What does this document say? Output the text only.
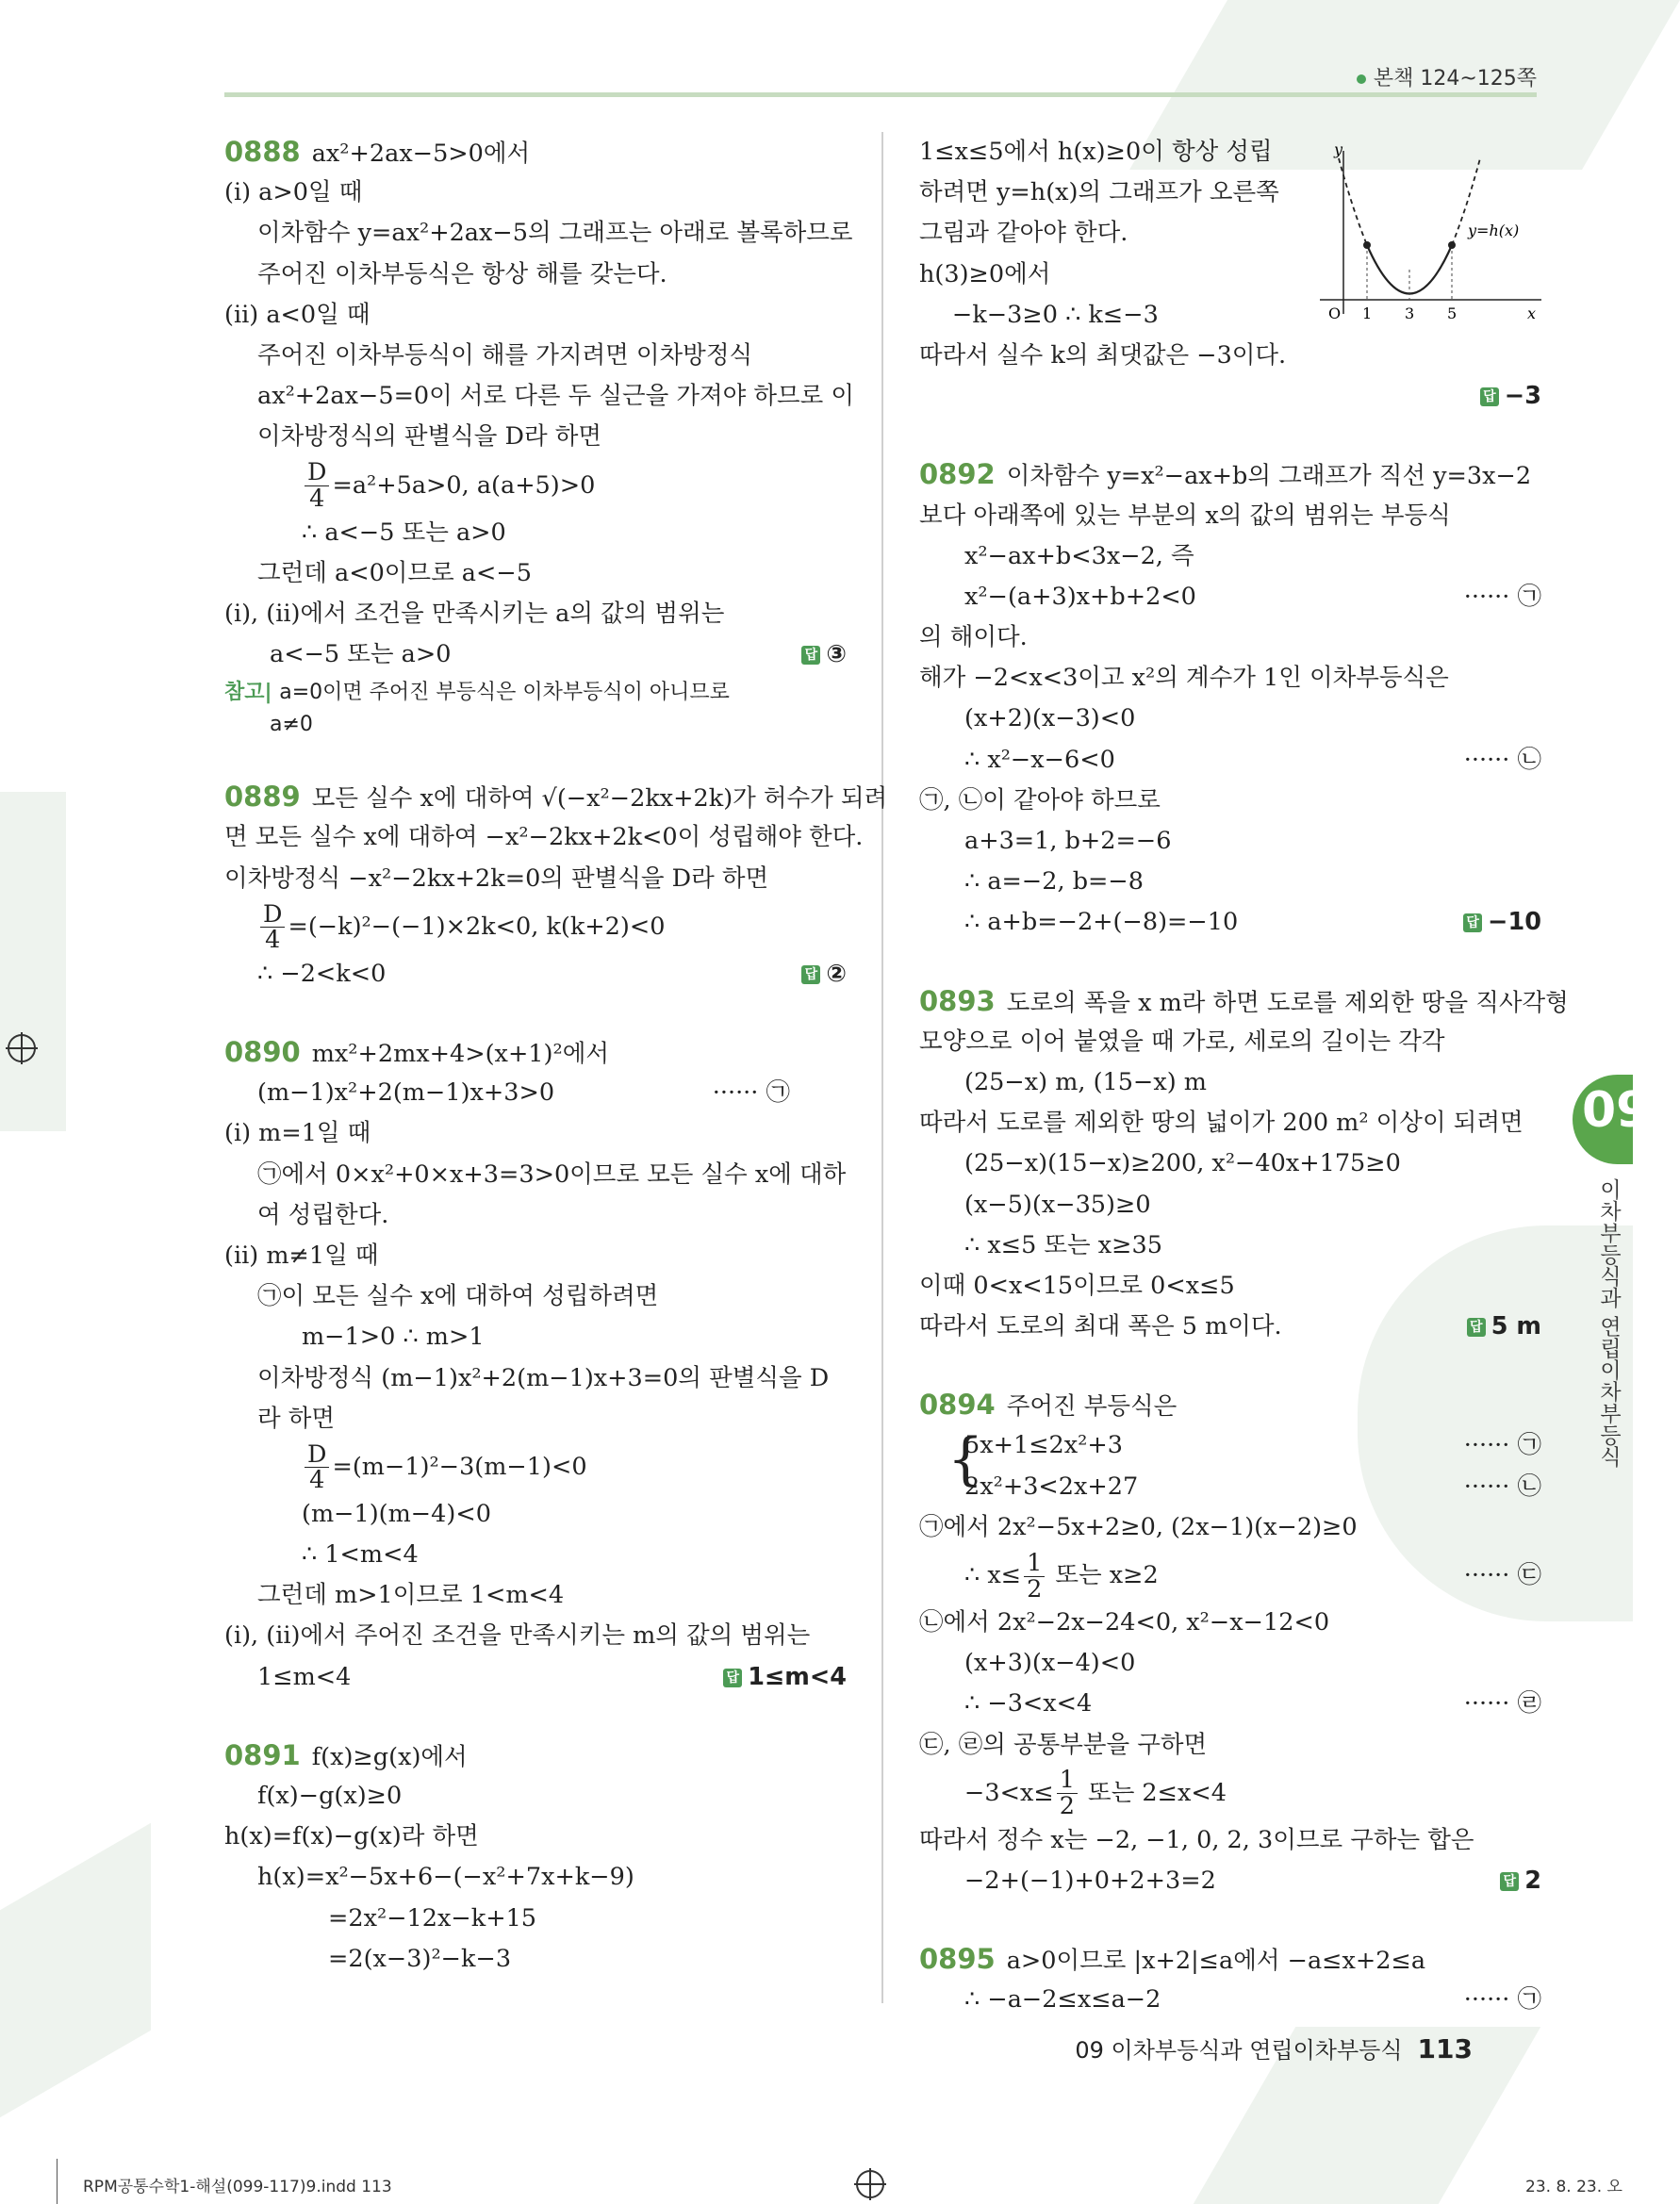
본책 124~125쪽
0888 ax²+2ax−5>0에서
(ⅰ) a>0일 때
이차함수 y=ax²+2ax−5의 그래프는 아래로 볼록하므로
주어진 이차부등식은 항상 해를 갖는다.
(ⅱ) a<0일 때
주어진 이차부등식이 해를 가지려면 이차방정식
ax²+2ax−5=0이 서로 다른 두 실근을 가져야 하므로 이
이차방정식의 판별식을 D라 하면
$\frac{D}{4} =a^2+5a>0$, a(a+5)>0
∴ a<−5 또는 a>0
그런데 a<0이므로 a<−5
(ⅰ), (ⅱ)에서 조건을 만족시키는 a의 값의 범위는
a<−5 또는 a>0	답 ③
참고| a=0이면 주어진 부등식은 이차부등식이 아니므로
a≠0
0889 모든 실수 x에 대하여 √(−x²−2kx+2k)가 허수가 되려
면 모든 실수 x에 대하여 −x²−2kx+2k<0이 성립해야 한다.
이차방정식 −x²−2kx+2k=0의 판별식을 D라 하면
$\frac{D}{4} =(-k)^2-(-1)\times 2k<0$, k(k+2)<0
∴ −2<k<0	답 ②
0890 mx²+2mx+4>(x+1)²에서
(m−1)x²+2(m−1)x+3>0	······ ㉠
(ⅰ) m=1일 때
㉠에서 0×x²+0×x+3=3>0이므로 모든 실수 x에 대하
여 성립한다.
(ⅱ) m≠1일 때
㉠이 모든 실수 x에 대하여 성립하려면
m−1>0 ∴ m>1
이차방정식 (m−1)x²+2(m−1)x+3=0의 판별식을 D
라 하면
$\frac{D}{4} =(m-1)^2-3(m-1)<0$
(m−1)(m−4)<0
∴ 1<m<4
그런데 m>1이므로 1<m<4
(ⅰ), (ⅱ)에서 주어진 조건을 만족시키는 m의 값의 범위는
1≤m<4	답 1≤m<4
0891 f(x)≥g(x)에서
f(x)−g(x)≥0
h(x)=f(x)−g(x)라 하면
h(x)=x²−5x+6−(−x²+7x+k−9)
=2x²−12x−k+15
=2(x−3)²−k−3
1≤x≤5에서 h(x)≥0이 항상 성립
하려면 y=h(x)의 그래프가 오른쪽
그림과 같아야 한다.
h(3)≥0에서
−k−3≥0 ∴ k≤−3
따라서 실수 k의 최댓값은 −3이다.
답 −3
0892 이차함수 y=x²−ax+b의 그래프가 직선 y=3x−2
보다 아래쪽에 있는 부분의 x의 값의 범위는 부등식
x²−ax+b<3x−2, 즉
x²−(a+3)x+b+2<0	······ ㉠
의 해이다.
해가 −2<x<3이고 x²의 계수가 1인 이차부등식은
(x+2)(x−3)<0
∴ x²−x−6<0	······ ㉡
㉠, ㉡이 같아야 하므로
a+3=1, b+2=−6
∴ a=−2, b=−8
∴ a+b=−2+(−8)=−10	답 −10
0893 도로의 폭을 x m라 하면 도로를 제외한 땅을 직사각형
모양으로 이어 붙였을 때 가로, 세로의 길이는 각각
(25−x) m, (15−x) m
따라서 도로를 제외한 땅의 넓이가 200 m² 이상이 되려면
(25−x)(15−x)≥200, x²−40x+175≥0
(x−5)(x−35)≥0
∴ x≤5 또는 x≥35
이때 0<x<15이므로 0<x≤5
따라서 도로의 최대 폭은 5 m이다.	답 5 m
0894 주어진 부등식은
{
5x+1≤2x²+3	······ ㉠
2x²+3<2x+27	······ ㉡
㉠에서 2x²−5x+2≥0, (2x−1)(x−2)≥0
∴ $x\le \frac{1}{2}$ 또는 x≥2	······ ㉢
㉡에서 2x²−2x−24<0, x²−x−12<0
(x+3)(x−4)<0
∴ −3<x<4	······ ㉣
㉢, ㉣의 공통부분을 구하면
$-3<x\le \frac{1}{2}$ 또는 2≤x<4
따라서 정수 x는 −2, −1, 0, 2, 3이므로 구하는 합은
−2+(−1)+0+2+3=2	답 2
0895 a>0이므로 |x+2|≤a에서 −a≤x+2≤a
∴ −a−2≤x≤a−2	······ ㉠
y
x
O 1 3 5
y=h(x)
09
이차부등식과 연립이차부등식
09 이차부등식과 연립이차부등식 113
RPM공통수학1-해설(099-117)9.indd 113	23. 8. 23. 오
